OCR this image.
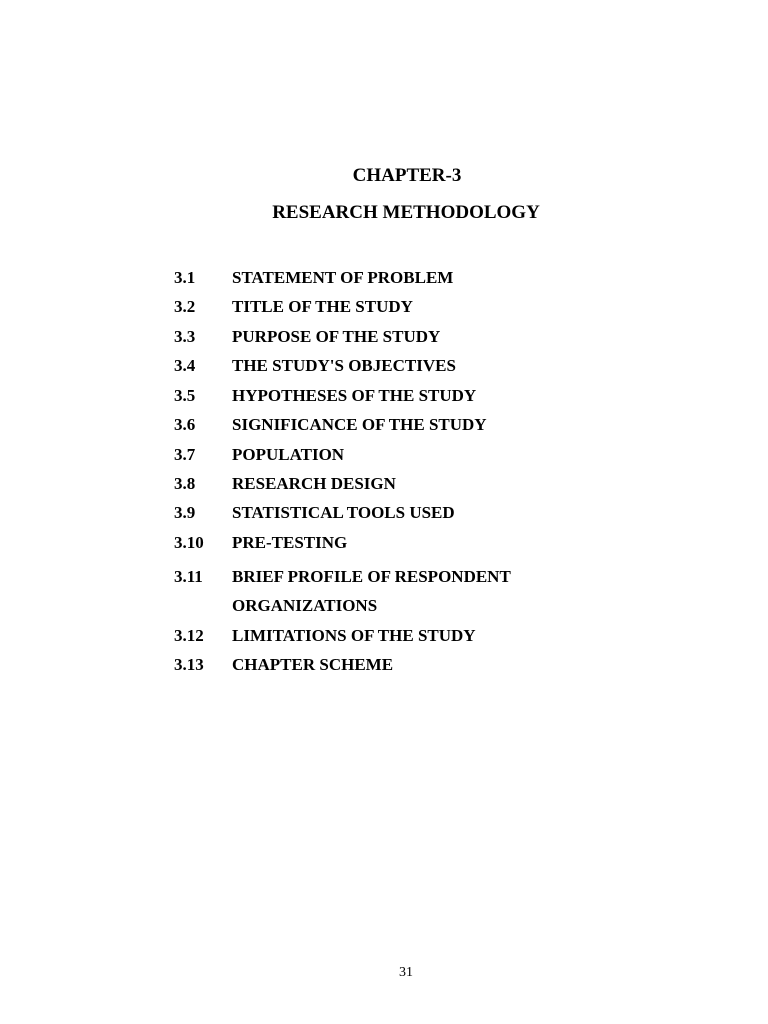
CHAPTER-3
RESEARCH METHODOLOGY
3.1 STATEMENT OF PROBLEM
3.2 TITLE OF THE STUDY
3.3 PURPOSE OF THE STUDY
3.4 THE STUDY'S OBJECTIVES
3.5 HYPOTHESES OF THE STUDY
3.6 SIGNIFICANCE OF THE STUDY
3.7 POPULATION
3.8 RESEARCH DESIGN
3.9 STATISTICAL TOOLS USED
3.10 PRE-TESTING
3.11 BRIEF PROFILE OF RESPONDENT ORGANIZATIONS
3.12 LIMITATIONS OF THE STUDY
3.13 CHAPTER SCHEME
31
